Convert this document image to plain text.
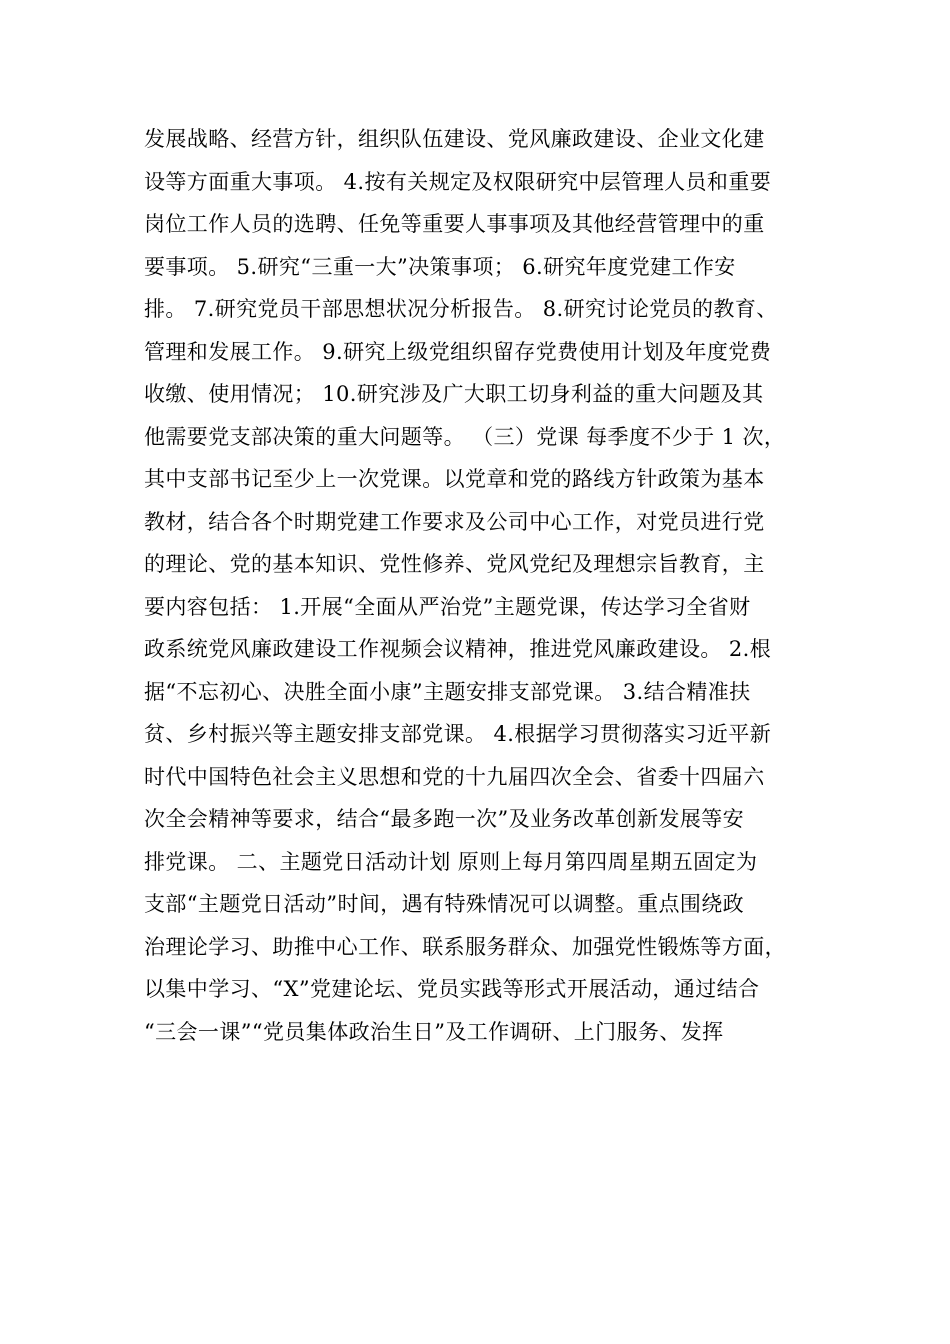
发展战略、经营方针，组织队伍建设、党风廉政建设、企业文化建
设等方面重大事项。 4.按有关规定及权限研究中层管理人员和重要
岗位工作人员的选聘、任免等重要人事事项及其他经营管理中的重
要事项。 5.研究“三重一大”决策事项； 6.研究年度党建工作安
排。 7.研究党员干部思想状况分析报告。 8.研究讨论党员的教育、
管理和发展工作。 9.研究上级党组织留存党费使用计划及年度党费
收缴、使用情况； 10.研究涉及广大职工切身利益的重大问题及其
他需要党支部决策的重大问题等。 （三）党课 每季度不少于 1 次，
其中支部书记至少上一次党课。以党章和党的路线方针政策为基本
教材，结合各个时期党建工作要求及公司中心工作，对党员进行党
的理论、党的基本知识、党性修养、党风党纪及理想宗旨教育，主
要内容包括： 1.开展“全面从严治党”主题党课，传达学习全省财
政系统党风廉政建设工作视频会议精神，推进党风廉政建设。 2.根
据“不忘初心、决胜全面小康”主题安排支部党课。 3.结合精准扶
贫、乡村振兴等主题安排支部党课。 4.根据学习贯彻落实习近平新
时代中国特色社会主义思想和党的十九届四次全会、省委十四届六
次全会精神等要求，结合“最多跑一次”及业务改革创新发展等安
排党课。 二、主题党日活动计划 原则上每月第四周星期五固定为
支部“主题党日活动”时间，遇有特殊情况可以调整。重点围绕政
治理论学习、助推中心工作、联系服务群众、加强党性锻炼等方面，
以集中学习、“X”党建论坛、党员实践等形式开展活动，通过结合
“三会一课”“党员集体政治生日”及工作调研、上门服务、发挥
